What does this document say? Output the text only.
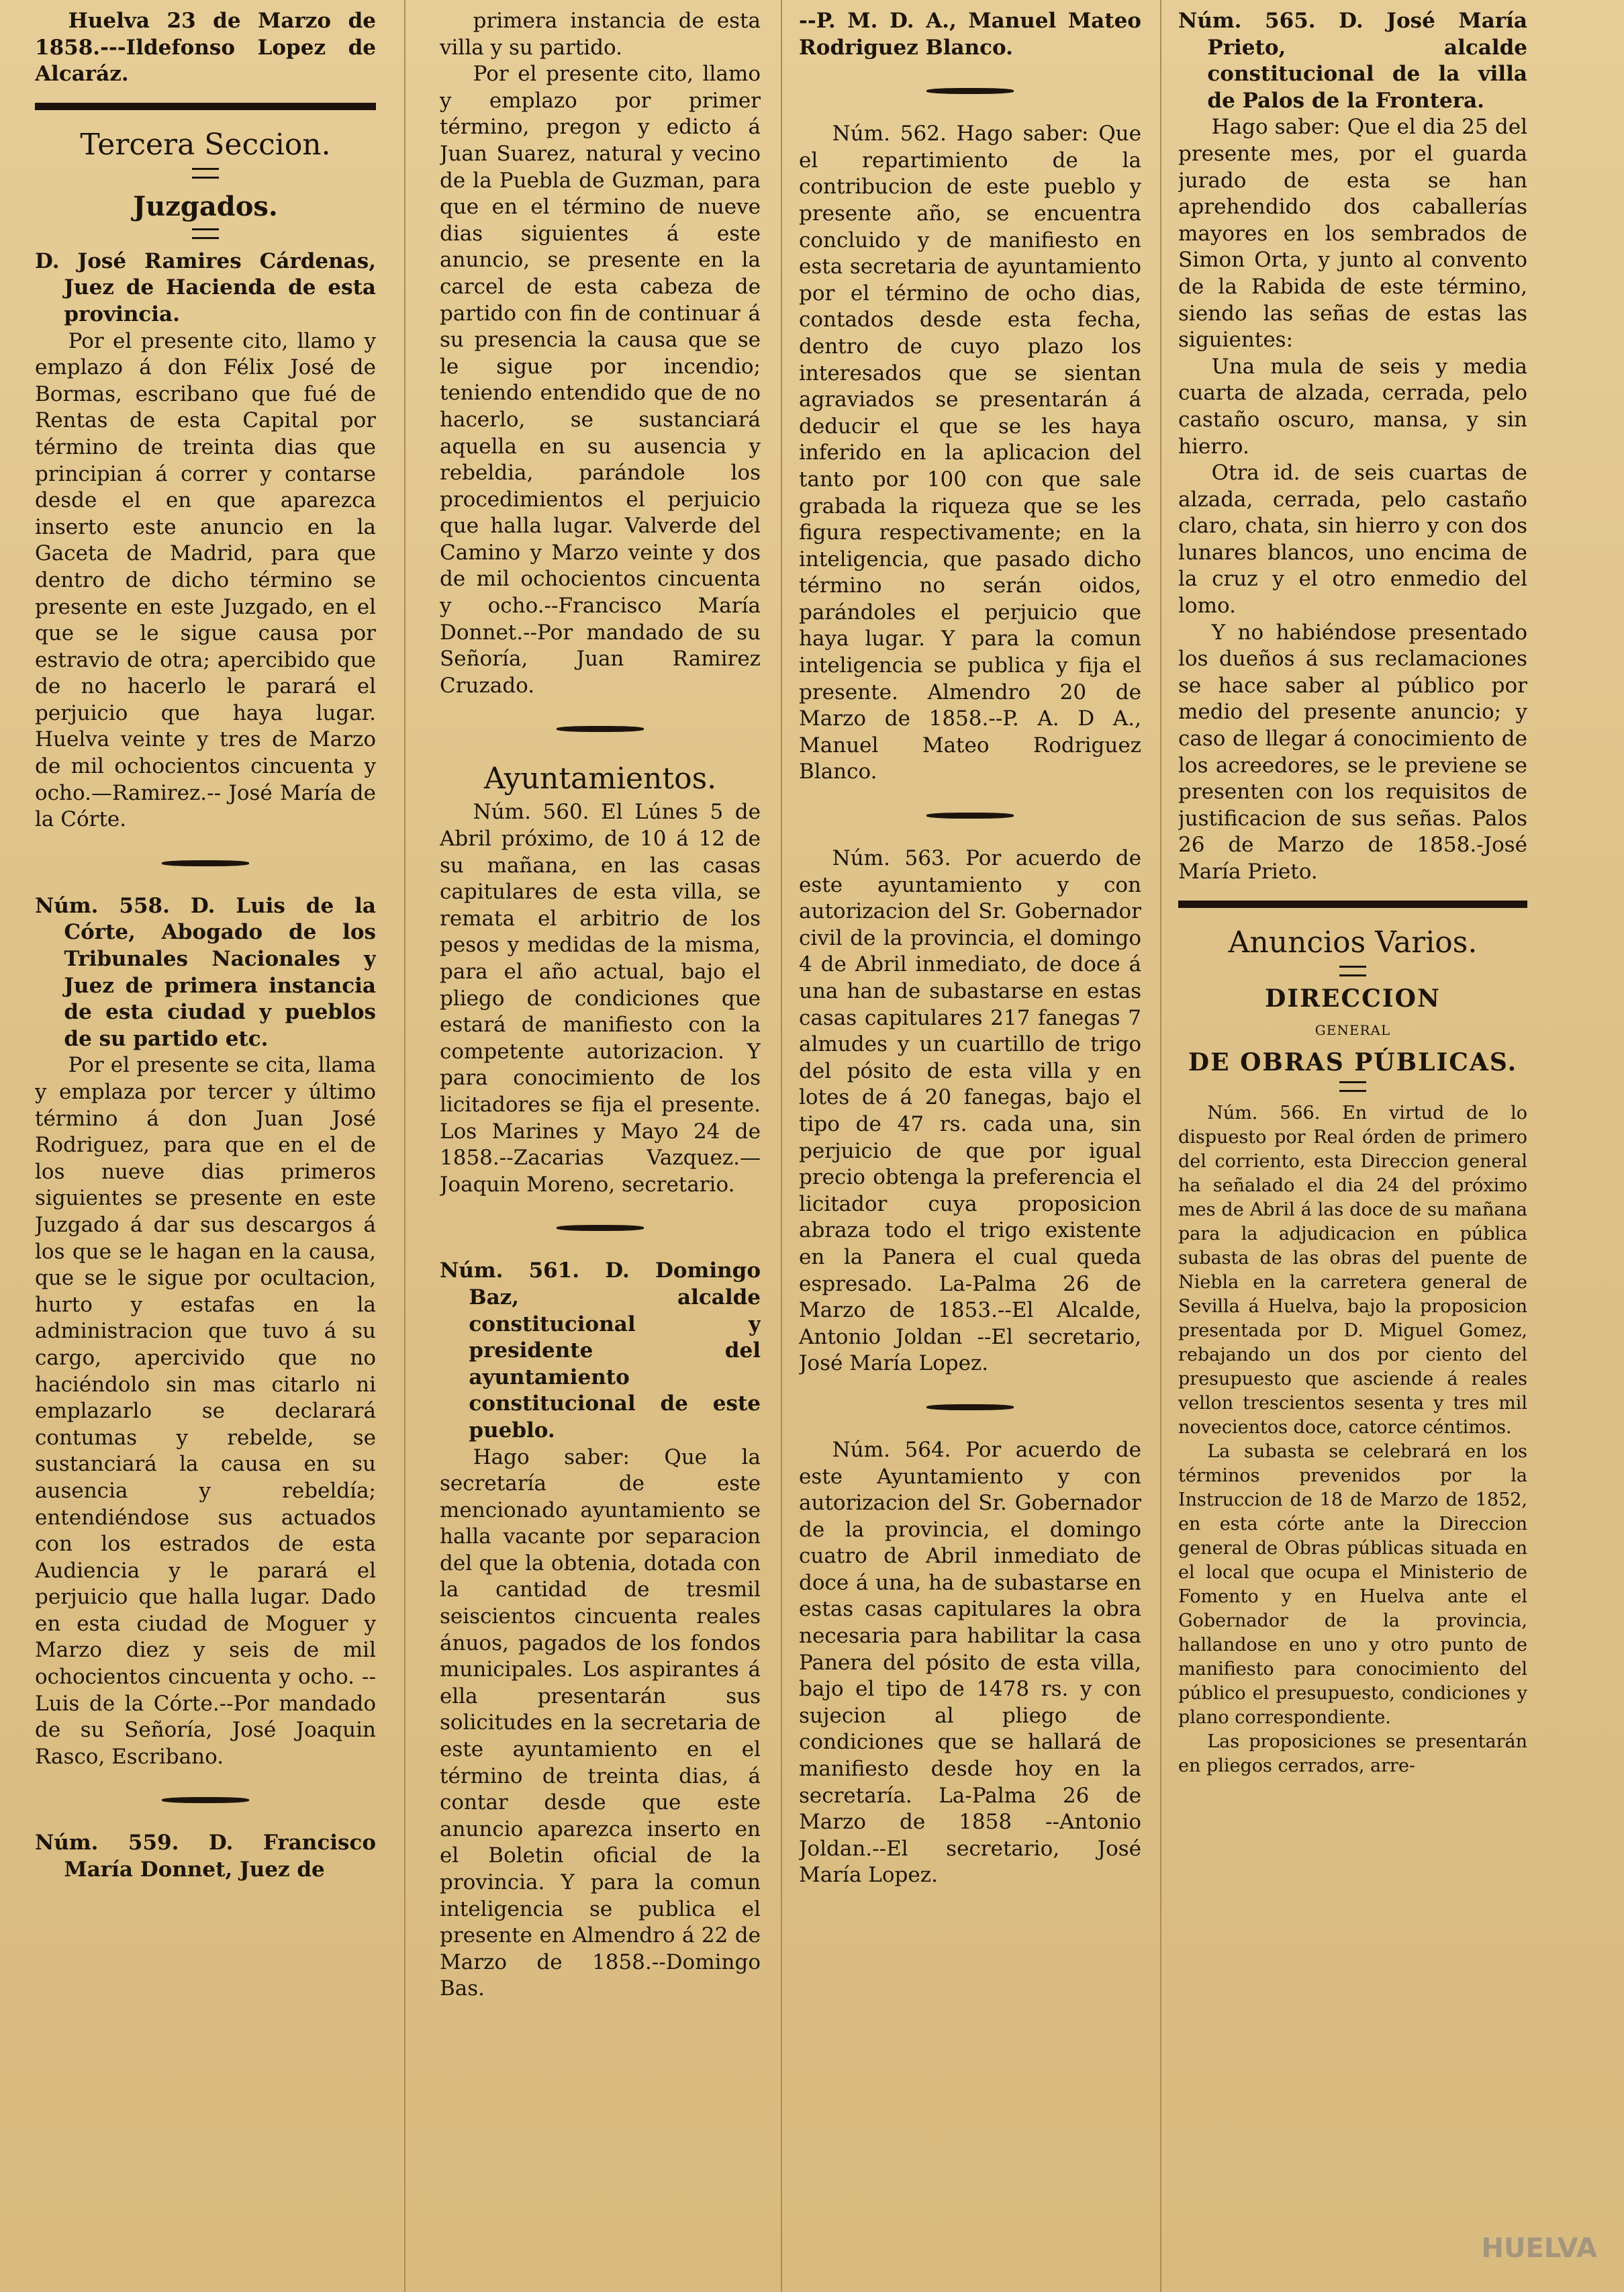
Huelva 23 de Marzo de 1858.---Ildefonso Lopez de Alcaráz.

Tercera Seccion.
Juzgados.

D. José Ramires Cárdenas, Juez de Hacienda de esta provincia.

Por el presente cito, llamo y emplazo á don Félix José de Bormas, escribano que fué de Rentas de esta Capital por término de treinta dias que principian á correr y contarse desde el en que aparezca inserto este anuncio en la Gaceta de Madrid, para que dentro de dicho término se presente en este Juzgado, en el que se le sigue causa por estravio de otra; apercibido que de no hacerlo le parará el perjuicio que haya lugar. Huelva veinte y tres de Marzo de mil ochocientos cincuenta y ocho.—Ramirez.-- José María de la Córte.

Núm. 558. D. Luis de la Córte, Abogado de los Tribunales Nacionales y Juez de primera instancia de esta ciudad y pueblos de su partido etc.

Por el presente se cita, llama y emplaza por tercer y último término á don Juan José Rodriguez, para que en el de los nueve dias primeros siguientes se presente en este Juzgado á dar sus descargos á los que se le hagan en la causa, que se le sigue por ocultacion, hurto y estafas en la administracion que tuvo á su cargo, apercivido que no haciéndolo sin mas citarlo ni emplazarlo se declarará contumas y rebelde, se sustanciará la causa en su ausencia y rebeldía; entendiéndose sus actuados con los estrados de esta Audiencia y le parará el perjuicio que halla lugar. Dado en esta ciudad de Moguer y Marzo diez y seis de mil ochocientos cincuenta y ocho. --Luis de la Córte.--Por mandado de su Señoría, José Joaquin Rasco, Escribano.

Núm. 559. D. Francisco María Donnet, Juez de

primera instancia de esta villa y su partido.

Por el presente cito, llamo y emplazo por primer término, pregon y edicto á Juan Suarez, natural y vecino de la Puebla de Guzman, para que en el término de nueve dias siguientes á este anuncio, se presente en la carcel de esta cabeza de partido con fin de continuar á su presencia la causa que se le sigue por incendio; teniendo entendido que de no hacerlo, se sustanciará aquella en su ausencia y rebeldia, parándole los procedimientos el perjuicio que halla lugar. Valverde del Camino y Marzo veinte y dos de mil ochocientos cincuenta y ocho.--Francisco María Donnet.--Por mandado de su Señoría, Juan Ramirez Cruzado.

Ayuntamientos.

Núm. 560. El Lúnes 5 de Abril próximo, de 10 á 12 de su mañana, en las casas capitulares de esta villa, se remata el arbitrio de los pesos y medidas de la misma, para el año actual, bajo el pliego de condiciones que estará de manifiesto con la competente autorizacion. Y para conocimiento de los licitadores se fija el presente. Los Marines y Mayo 24 de 1858.--Zacarias Vazquez.—Joaquin Moreno, secretario.

Núm. 561. D. Domingo Baz, alcalde constitucional y presidente del ayuntamiento constitucional de este pueblo.

Hago saber: Que la secretaría de este mencionado ayuntamiento se halla vacante por separacion del que la obtenia, dotada con la cantidad de tresmil seiscientos cincuenta reales ánuos, pagados de los fondos municipales. Los aspirantes á ella presentarán sus solicitudes en la secretaria de este ayuntamiento en el término de treinta dias, á contar desde que este anuncio aparezca inserto en el Boletin oficial de la provincia. Y para la comun inteligencia se publica el presente en Almendro á 22 de Marzo de 1858.--Domingo Bas.

--P. M. D. A., Manuel Mateo Rodriguez Blanco.

Núm. 562. Hago saber: Que el repartimiento de la contribucion de este pueblo y presente año, se encuentra concluido y de manifiesto en esta secretaria de ayuntamiento por el término de ocho dias, contados desde esta fecha, dentro de cuyo plazo los interesados que se sientan agraviados se presentarán á deducir el que se les haya inferido en la aplicacion del tanto por 100 con que sale grabada la riqueza que se les figura respectivamente; en la inteligencia, que pasado dicho término no serán oidos, parándoles el perjuicio que haya lugar. Y para la comun inteligencia se publica y fija el presente. Almendro 20 de Marzo de 1858.--P. A. D A., Manuel Mateo Rodriguez Blanco.

Núm. 563. Por acuerdo de este ayuntamiento y con autorizacion del Sr. Gobernador civil de la provincia, el domingo 4 de Abril inmediato, de doce á una han de subastarse en estas casas capitulares 217 fanegas 7 almudes y un cuartillo de trigo del pósito de esta villa y en lotes de á 20 fanegas, bajo el tipo de 47 rs. cada una, sin perjuicio de que por igual precio obtenga la preferencia el licitador cuya proposicion abraza todo el trigo existente en la Panera el cual queda espresado. La-Palma 26 de Marzo de 1853.--El Alcalde, Antonio Joldan --El secretario, José María Lopez.

Núm. 564. Por acuerdo de este Ayuntamiento y con autorizacion del Sr. Gobernador de la provincia, el domingo cuatro de Abril inmediato de doce á una, ha de subastarse en estas casas capitulares la obra necesaria para habilitar la casa Panera del pósito de esta villa, bajo el tipo de 1478 rs. y con sujecion al pliego de condiciones que se hallará de manifiesto desde hoy en la secretaría. La-Palma 26 de Marzo de 1858 --Antonio Joldan.--El secretario, José María Lopez.

Núm. 565. D. José María Prieto, alcalde constitucional de la villa de Palos de la Frontera.

Hago saber: Que el dia 25 del presente mes, por el guarda jurado de esta se han aprehendido dos caballerías mayores en los sembrados de Simon Orta, y junto al convento de la Rabida de este término, siendo las señas de estas las siguientes:

Una mula de seis y media cuarta de alzada, cerrada, pelo castaño oscuro, mansa, y sin hierro.

Otra id. de seis cuartas de alzada, cerrada, pelo castaño claro, chata, sin hierro y con dos lunares blancos, uno encima de la cruz y el otro enmedio del lomo.

Y no habiéndose presentado los dueños á sus reclamaciones se hace saber al público por medio del presente anuncio; y caso de llegar á conocimiento de los acreedores, se le previene se presenten con los requisitos de justificacion de sus señas. Palos 26 de Marzo de 1858.-José María Prieto.

Anuncios Varios.
DIRECCION
GENERAL
DE OBRAS PÚBLICAS.

Núm. 566. En virtud de lo dispuesto por Real órden de primero del corriento, esta Direccion general ha señalado el dia 24 del próximo mes de Abril á las doce de su mañana para la adjudicacion en pública subasta de las obras del puente de Niebla en la carretera general de Sevilla á Huelva, bajo la proposicion presentada por D. Miguel Gomez, rebajando un dos por ciento del presupuesto que asciende á reales vellon trescientos sesenta y tres mil novecientos doce, catorce céntimos.

La subasta se celebrará en los términos prevenidos por la Instruccion de 18 de Marzo de 1852, en esta córte ante la Direccion general de Obras públicas situada en el local que ocupa el Ministerio de Fomento y en Huelva ante el Gobernador de la provincia, hallandose en uno y otro punto de manifiesto para conocimiento del público el presupuesto, condiciones y plano correspondiente.

Las proposiciones se presentarán en pliegos cerrados, arre-

HUELVA
